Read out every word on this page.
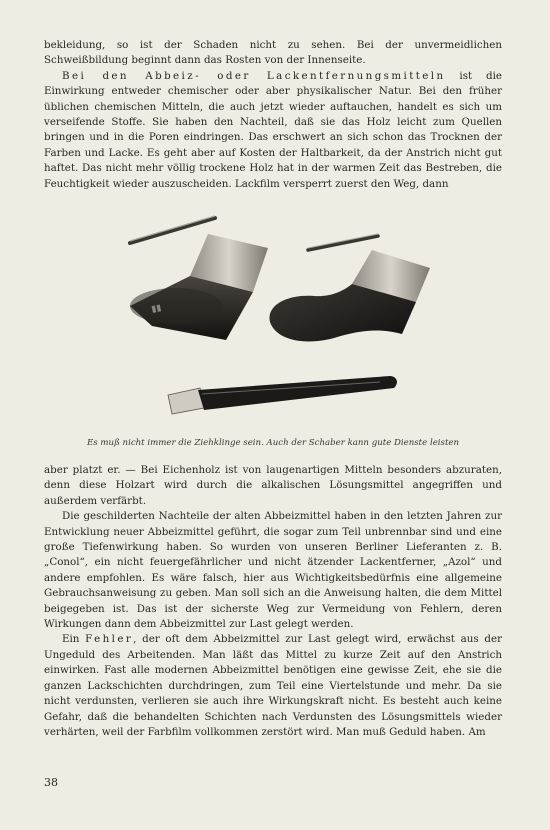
bekleidung, so ist der Schaden nicht zu sehen. Bei der unvermeidlichen Schweißbildung beginnt dann das Rosten von der Innenseite.

Bei den Abbeiz- oder Lackentfernungsmitteln ist die Einwirkung entweder chemischer oder aber physikalischer Natur. Bei den früher üblichen chemischen Mitteln, die auch jetzt wieder auftauchen, handelt es sich um verseifende Stoffe. Sie haben den Nachteil, daß sie das Holz leicht zum Quellen bringen und in die Poren eindringen. Das erschwert an sich schon das Trocknen der Farben und Lacke. Es geht aber auf Kosten der Haltbarkeit, da der Anstrich nicht gut haftet. Das nicht mehr völlig trockene Holz hat in der warmen Zeit das Bestreben, die Feuchtigkeit wieder auszuscheiden. Lackfilm versperrt zuerst den Weg, dann

▮▮
Es muß nicht immer die Ziehklinge sein. Auch der Schaber kann gute Dienste leisten

aber platzt er. — Bei Eichenholz ist von laugenartigen Mitteln besonders abzuraten, denn diese Holzart wird durch die alkalischen Lösungsmittel angegriffen und außerdem verfärbt.

Die geschilderten Nachteile der alten Abbeizmittel haben in den letzten Jahren zur Entwicklung neuer Abbeizmittel geführt, die sogar zum Teil unbrennbar sind und eine große Tiefenwirkung haben. So wurden von unseren Berliner Lieferanten z. B. „Conol“, ein nicht feuergefährlicher und nicht ätzender Lackentferner, „Azol“ und andere empfohlen. Es wäre falsch, hier aus Wichtigkeitsbedürfnis eine allgemeine Gebrauchsanweisung zu geben. Man soll sich an die Anweisung halten, die dem Mittel beigegeben ist. Das ist der sicherste Weg zur Vermeidung von Fehlern, deren Wirkungen dann dem Abbeizmittel zur Last gelegt werden.

Ein Fehler, der oft dem Abbeizmittel zur Last gelegt wird, erwächst aus der Ungeduld des Arbeitenden. Man läßt das Mittel zu kurze Zeit auf den Anstrich einwirken. Fast alle modernen Abbeizmittel benötigen eine gewisse Zeit, ehe sie die ganzen Lackschichten durchdringen, zum Teil eine Viertelstunde und mehr. Da sie nicht verdunsten, verlieren sie auch ihre Wirkungskraft nicht. Es besteht auch keine Gefahr, daß die behandelten Schichten nach Verdunsten des Lösungsmittels wieder verhärten, weil der Farbfilm vollkommen zerstört wird. Man muß Geduld haben. Am

38
